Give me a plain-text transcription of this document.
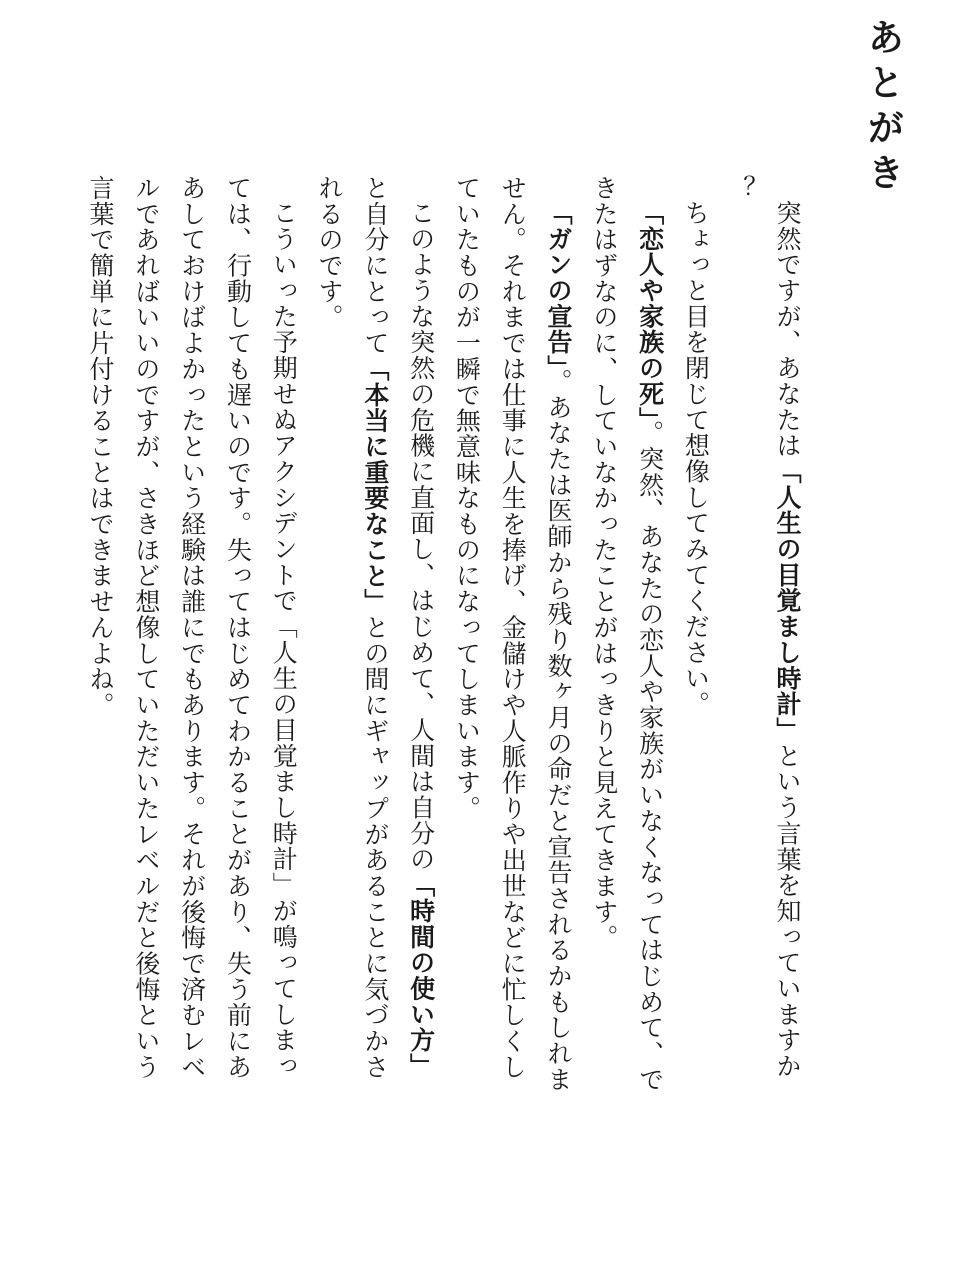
あとがき

突然ですが、あなたは「人生の目覚まし時計」という言葉を知っていますか？

ちょっと目を閉じて想像してみてください。

「恋人や家族の死」。突然、あなたの恋人や家族がいなくなってはじめて、できたはずなのに、していなかったことがはっきりと見えてきます。

「ガンの宣告」。あなたは医師から残り数ヶ月の命だと宣告されるかもしれません。それまでは仕事に人生を捧げ、金儲けや人脈作りや出世などに忙しくしていたものが一瞬で無意味なものになってしまいます。

このような突然の危機に直面し、はじめて、人間は自分の「時間の使い方」と自分にとって「本当に重要なこと」との間にギャップがあることに気づかされるのです。

こういった予期せぬアクシデントで「人生の目覚まし時計」が鳴ってしまっては、行動しても遅いのです。失ってはじめてわかることがあり、失う前にああしておけばよかったという経験は誰にでもあります。それが後悔で済むレベルであればいいのですが、さきほど想像していただいたレベルだと後悔という言葉で簡単に片付けることはできませんよね。
